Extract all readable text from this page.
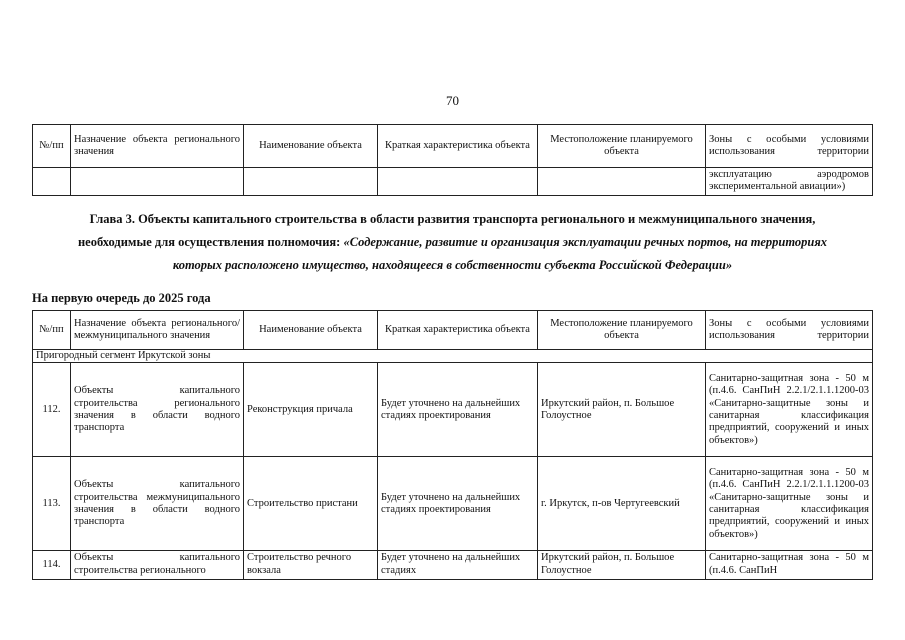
70
№/пп	Назначение объекта регионального значения	Наименование объекта	Краткая характеристика объекта	Местоположение планируемого объекта	Зоны с особыми условиями использования территории

					эксплуатацию аэродромов
экспериментальной авиации»)
Глава 3. Объекты капитального строительства в области развития транспорта регионального и межмуниципального значения, необходимые для осуществления полномочия: «Содержание, развитие и организация эксплуатации речных портов, на территориях которых расположено имущество, находящееся в собственности субъекта Российской Федерации»
На первую очередь до 2025 года
№/пп	Назначение объекта регионального/ межмуниципального значения	Наименование объекта	Краткая характеристика объекта	Местоположение планируемого объекта	Зоны с особыми условиями использования территории
Пригородный сегмент Иркутской зоны					
112.	Объекты капитального строительства регионального значения в области водного транспорта	Реконструкция причала	Будет уточнено на дальнейших стадиях проектирования	Иркутский район, п. Большое Голоустное	Санитарно-защитная зона - 50 м (п.4.6. СанПиН 2.2.1/2.1.1.1200-03 «Санитарно-защитные зоны и санитарная классификация предприятий, сооружений и иных объектов»)
113.	Объекты капитального строительства межмуниципального значения в области водного транспорта	Строительство пристани	Будет уточнено на дальнейших стадиях проектирования	г. Иркутск, п-ов Чертугеевский	Санитарно-защитная зона - 50 м (п.4.6. СанПиН 2.2.1/2.1.1.1200-03 «Санитарно-защитные зоны и санитарная классификация предприятий, сооружений и иных объектов»)
114.	Объекты капитального строительства регионального	Строительство речного вокзала	Будет уточнено на дальнейших стадиях	Иркутский район, п. Большое Голоустное	Санитарно-защитная зона - 50 м (п.4.6. СанПиН
